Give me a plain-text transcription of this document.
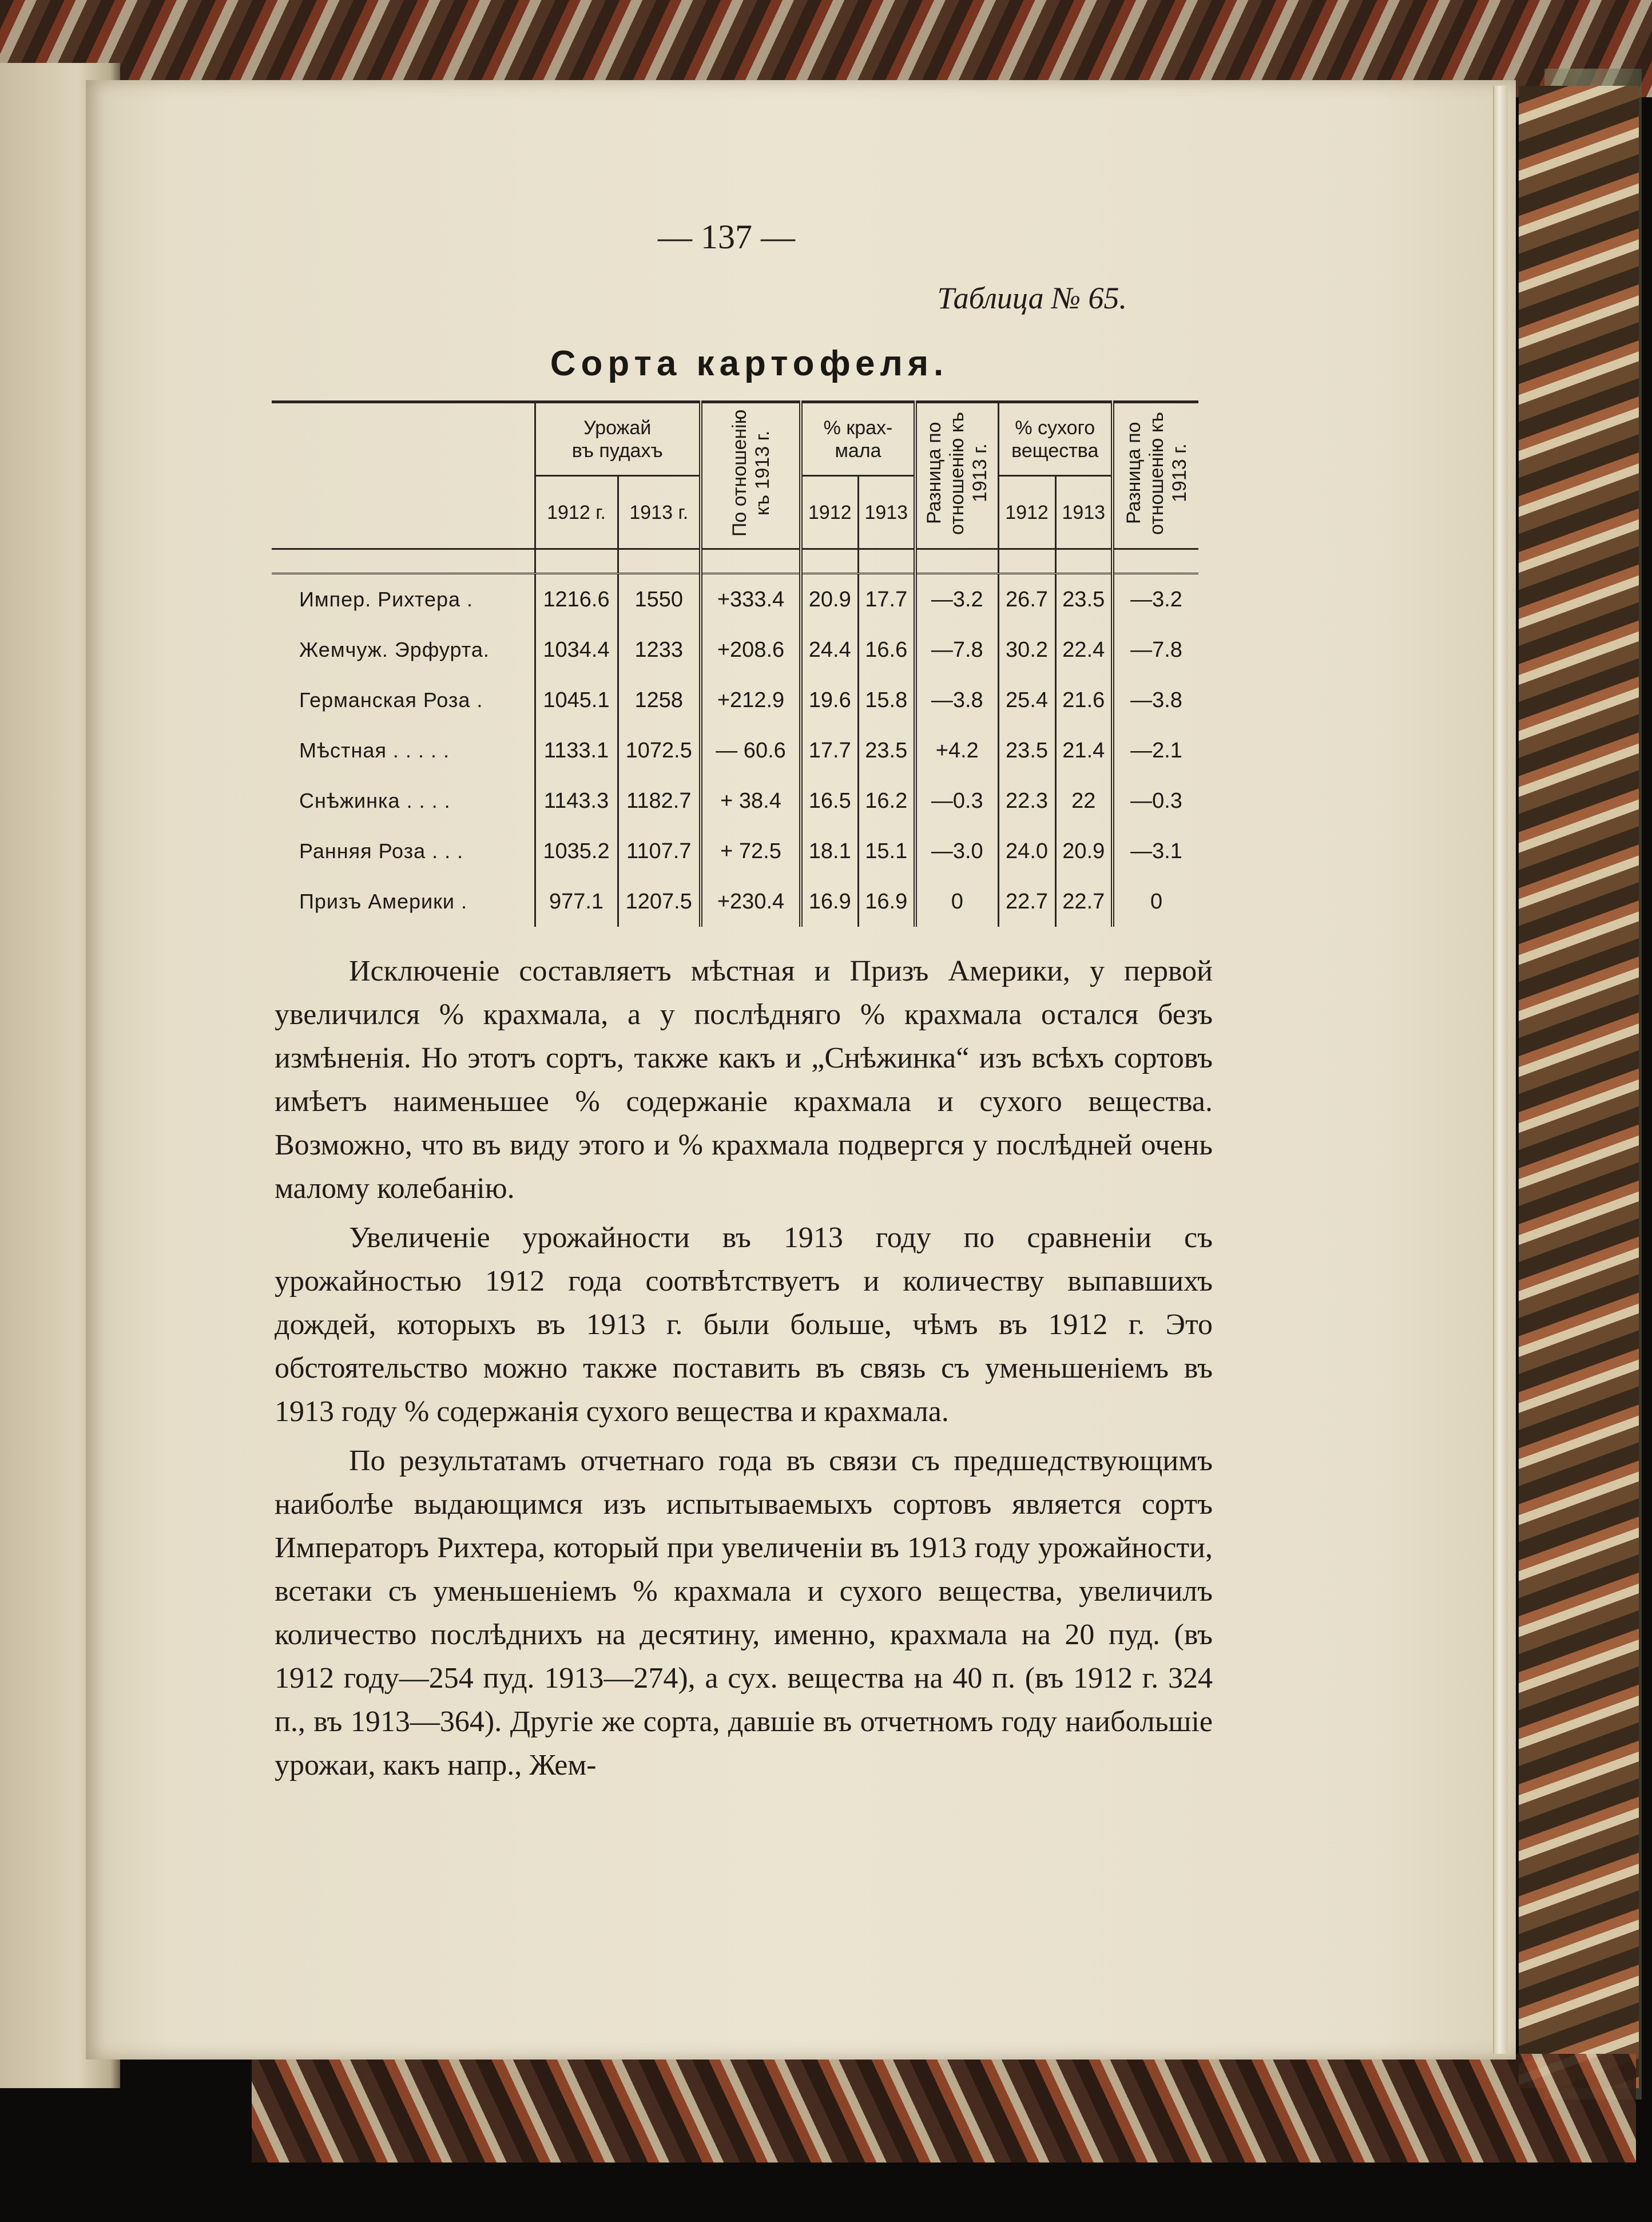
— 137 —
Таблица № 65.
Сорта картофеля.
	Урожай въ пудахъ		По отношенію къ 1913 г.	% крах- мала		Разница по отношенію къ 1913 г.	% сухого вещества		Разница по отношенію къ 1913 г.
	1912 г.	1913 г.		1912	1913		1912	1913	

Импер. Рихтера .	1216.6	1550	+333.4	20.9	17.7	—3.2	26.7	23.5	—3.2
Жемчуж. Эрфурта.	1034.4	1233	+208.6	24.4	16.6	—7.8	30.2	22.4	—7.8
Германская Роза .	1045.1	1258	+212.9	19.6	15.8	—3.8	25.4	21.6	—3.8
Мѣстная . . . . .	1133.1	1072.5	— 60.6	17.7	23.5	+4.2	23.5	21.4	—2.1
Снѣжинка . . . .	1143.3	1182.7	+ 38.4	16.5	16.2	—0.3	22.3	22	—0.3
Ранняя Роза . . .	1035.2	1107.7	+ 72.5	18.1	15.1	—3.0	24.0	20.9	—3.1
Призъ Америки .	977.1	1207.5	+230.4	16.9	16.9	0	22.7	22.7	0

Исключеніе составляетъ мѣстная и Призъ Америки, у первой увеличился % крахмала, а у послѣдняго % крахмала остался безъ измѣненія. Но этотъ сортъ, также какъ и „Снѣжинка“ изъ всѣхъ сортовъ имѣетъ наименьшее % содержаніе крахмала и сухого вещества. Возможно, что въ виду этого и % крахмала подвергся у послѣдней очень малому колебанію.

Увеличеніе урожайности въ 1913 году по сравненіи съ урожайностью 1912 года соотвѣтствуетъ и количеству выпавшихъ дождей, которыхъ въ 1913 г. были больше, чѣмъ въ 1912 г. Это обстоятельство можно также поставить въ связь съ уменьшеніемъ въ 1913 году % содержанія сухого вещества и крахмала.

По результатамъ отчетнаго года въ связи съ предшедствующимъ наиболѣе выдающимся изъ испытываемыхъ сортовъ является сортъ Императоръ Рихтера, который при увеличеніи въ 1913 году урожайности, всетаки съ уменьшеніемъ % крахмала и сухого вещества, увеличилъ количество послѣднихъ на десятину, именно, крахмала на 20 пуд. (въ 1912 году—254 пуд. 1913—274), а сух. вещества на 40 п. (въ 1912 г. 324 п., въ 1913—364). Другіе же сорта, давшіе въ отчетномъ году наибольшіе урожаи, какъ напр., Жем-
